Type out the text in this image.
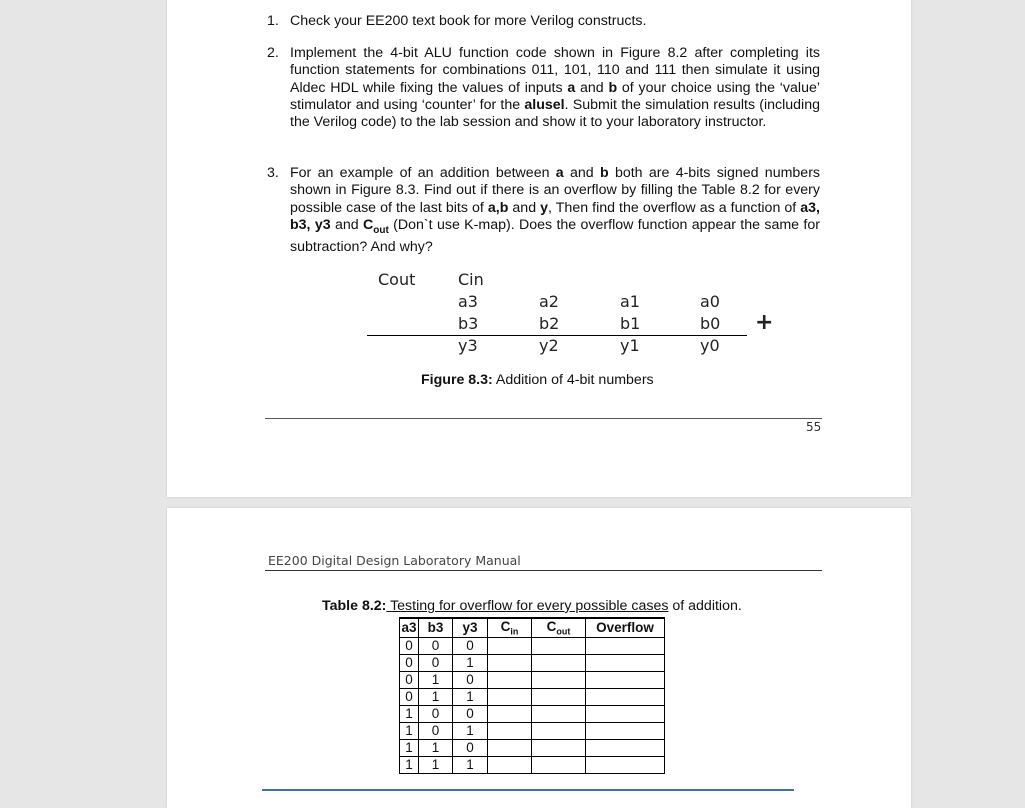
1. Check your EE200 text book for more Verilog constructs.
2. Implement the 4-bit ALU function code shown in Figure 8.2 after completing its function statements for combinations 011, 101, 110 and 111 then simulate it using Aldec HDL while fixing the values of inputs a and b of your choice using the ‘value’ stimulator and using ‘counter’ for the alusel. Submit the simulation results (including the Verilog code) to the lab session and show it to your laboratory instructor.
3. For an example of an addition between a and b both are 4-bits signed numbers shown in Figure 8.3. Find out if there is an overflow by filling the Table 8.2 for every possible case of the last bits of a,b and y, Then find the overflow as a function of a3, b3, y3 and $C_{out}$ (Don`t use K-map). Does the overflow function appear the same for subtraction? And why?
Cout	Cin
a3	a2	a1	a0
b3	b2	b1	b0 +
y3	y2	y1	y0
Figure 8.3: Addition of 4-bit numbers
55
EE200 Digital Design Laboratory Manual
Table 8.2: Testing for overflow for every possible cases of addition.
a3	b3	y3	$C_{in}$	$C_{out}$	Overflow
0	0	0			
0	0	1			
0	1	0			
0	1	1			
1	0	0			
1	0	1			
1	1	0			
1	1	1			
